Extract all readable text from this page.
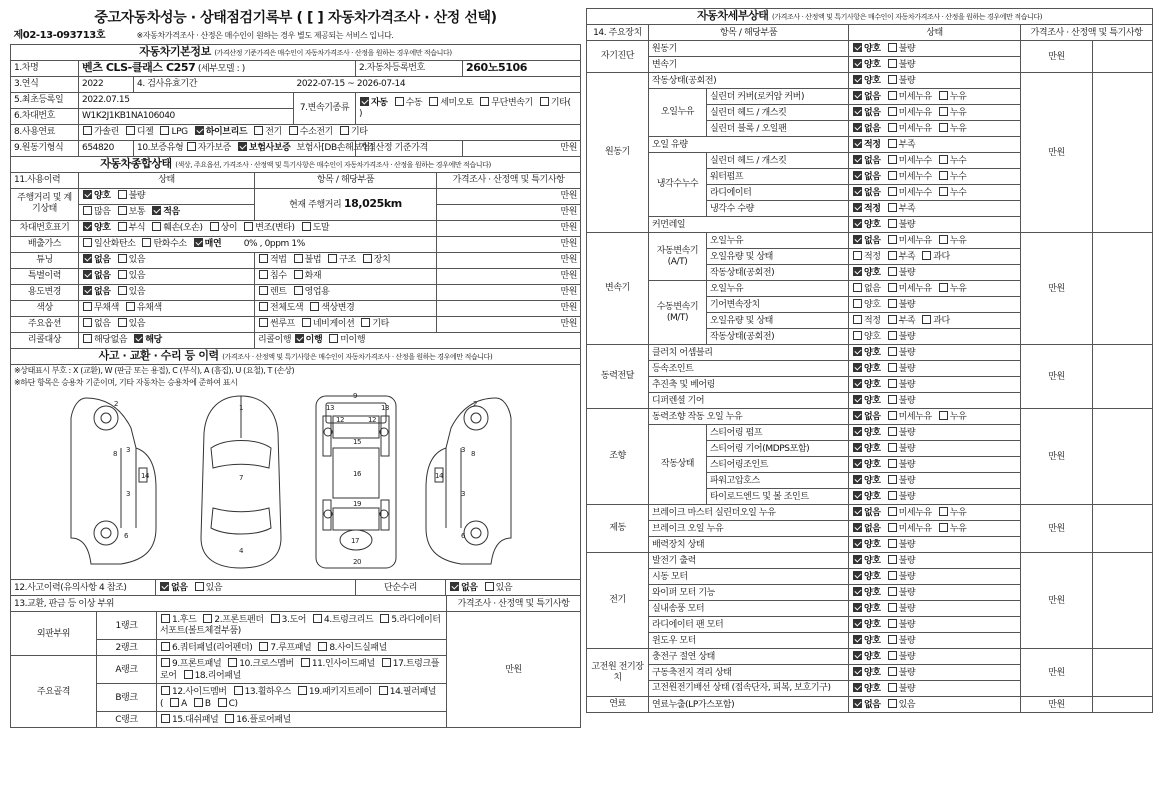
중고자동차성능 · 상태점검기록부 ( [ ] 자동차가격조사 · 산정 선택)					
제02-13-093713호		※자동차가격조사 · 산정은 매수인이 원하는 경우 별도 제공되는 서비스 입니다.			
자동차기본정보 (가격산정 기준가격은 매수인이 자동차가격조사 · 산정을 원하는 경우에만 적습니다)					
1.차명	벤츠 CLS-클래스 C257 (세부모델 : )			2.자동차등록번호	260노5106
3.연식	2022	4. 검사유효기간	2022-07-15 ~ 2026-07-14		
5.최초등록일	2022.07.15		7.변속기종류	자동 수동 세미오토 무단변속기 기타( )	
6.차대번호	W1K2J1KB1NA106040				
8.사용연료	가솔린 디젤 LPG 하이브리드 전기 수소전기 기타				
9.원동기형식	654820	10.보증유형 자가보증 보험사보증 보험사[DB손해보험]		가격산정 기준가격	만원
자동차종합상태 (색상, 주요옵션, 가격조사 · 산정액 및 특기사항은 매수인이 자동차가격조사 · 산정을 원하는 경우에만 적습니다)			
11.사용이력	상태	항목 / 해당부품	가격조사 · 산정액 및 특기사항
주행거리 및 계기상태	양호 불량	현재 주행거리 18,025km	만원
	많음 보통 적음		만원
차대번호표기	양호 부식 훼손(오손) 상이 변조(변타) 도말		만원
배출가스	일산화탄소 탄화수소 매연 0% , 0ppm 1%		만원
튜닝	없음 있음	적법 불법 구조 장치	만원
특별이력	없음 있음	침수 화재	만원
용도변경	없음 있음	렌트 영업용	만원
색상	무채색 유채색	전체도색 색상변경	만원
주요옵션	없음 있음	썬루프 네비게이션 기타	만원
리콜대상	해당없음 해당	리콜이행 이행 미이행	
사고 · 교환 · 수리 등 이력 (가격조사 · 산정액 및 특기사항은 매수인이 자동차가격조사 · 산정을 원하는 경우에만 적습니다)
※상태표시 부호 : X (교환), W (판금 또는 용접), C (부식), A (흠집), U (요철), T (손상)
※하단 항목은 승용차 기준이며, 기타 자동차는 승용차에 준하여 표시

2
8 3
3
14
6
1
7
4
9
13	13
12	12
15
16
19
17
20
2
3 8
3
14
6
12.사고이력(유의사항 4 참조)	없음 있음	단순수리	없음 있음
13.교환, 판금 등 이상 부위			가격조사 · 산정액 및 특기사항
외판부위	1랭크	1.후드 2.프론트펜더 3.도어 4.트렁크리드 5.라디에이터서포트(볼트체결부품)	만원
	2랭크	6.쿼터패널(리어펜더) 7.루프패널 8.사이드실패널	
주요골격	A랭크	9.프론트패널 10.크로스멤버 11.인사이드패널 17.트렁크플로어 18.리어패널	
	B랭크	12.사이드멤버 13.휠하우스 19.패키지트레이 14.필러패널 ( A B C)	
	C랭크	15.대쉬패널 16.플로어패널	
자동차세부상태 (가격조사 · 산정액 및 특기사항은 매수인이 자동차가격조사 · 산정을 원하는 경우에만 적습니다)					
14. 주요장치	항목 / 해당부품		상태	가격조사 · 산정액 및 특기사항	
자기진단	원동기		양호 불량	만원	
	변속기		양호 불량		
원동기	작동상태(공회전)		양호 불량	만원	
	오일누유	실린더 커버(로커암 커버)	없음 미세누유 누유		
		실린더 헤드 / 개스킷	없음 미세누유 누유		
		실린더 블록 / 오일팬	없음 미세누유 누유		
	오일 유량		적정 부족		
	냉각수누수	실린더 헤드 / 개스킷	없음 미세누수 누수		
		워터펌프	없음 미세누수 누수		
		라디에이터	없음 미세누수 누수		
		냉각수 수량	적정 부족		
	커먼레일		양호 불량		
변속기	자동변속기 (A/T)	오일누유	없음 미세누유 누유	만원	
		오일유량 및 상태	적정 부족 과다		
		작동상태(공회전)	양호 불량		
	수동변속기 (M/T)	오일누유	없음 미세누유 누유		
		기어변속장치	양호 불량		
		오일유량 및 상태	적정 부족 과다		
		작동상태(공회전)	양호 불량		
동력전달	클러치 어셈블리		양호 불량	만원	
	등속조인트		양호 불량		
	추진축 및 베어링		양호 불량		
	디퍼렌셜 기어		양호 불량		
조향	동력조향 작동 오일 누유		없음 미세누유 누유	만원	
	작동상태	스티어링 펌프	양호 불량		
		스티어링 기어(MDPS포함)	양호 불량		
		스티어링조인트	양호 불량		
		파워고압호스	양호 불량		
		타이로드엔드 및 볼 조인트	양호 불량		
제동	브레이크 마스터 실린더오일 누유		없음 미세누유 누유	만원	
	브레이크 오일 누유		없음 미세누유 누유		
	배력장치 상태		양호 불량		
전기	발전기 출력		양호 불량	만원	
	시동 모터		양호 불량		
	와이퍼 모터 기능		양호 불량		
	실내송풍 모터		양호 불량		
	라디에이터 팬 모터		양호 불량		
	윈도우 모터		양호 불량		
고전원 전기장치	충전구 절연 상태		양호 불량	만원	
	구동축전지 격리 상태		양호 불량		
	고전원전기배선 상태 (접속단자, 피복, 보호기구)		양호 불량		
연료	연료누출(LP가스포함)		없음 있음	만원	
